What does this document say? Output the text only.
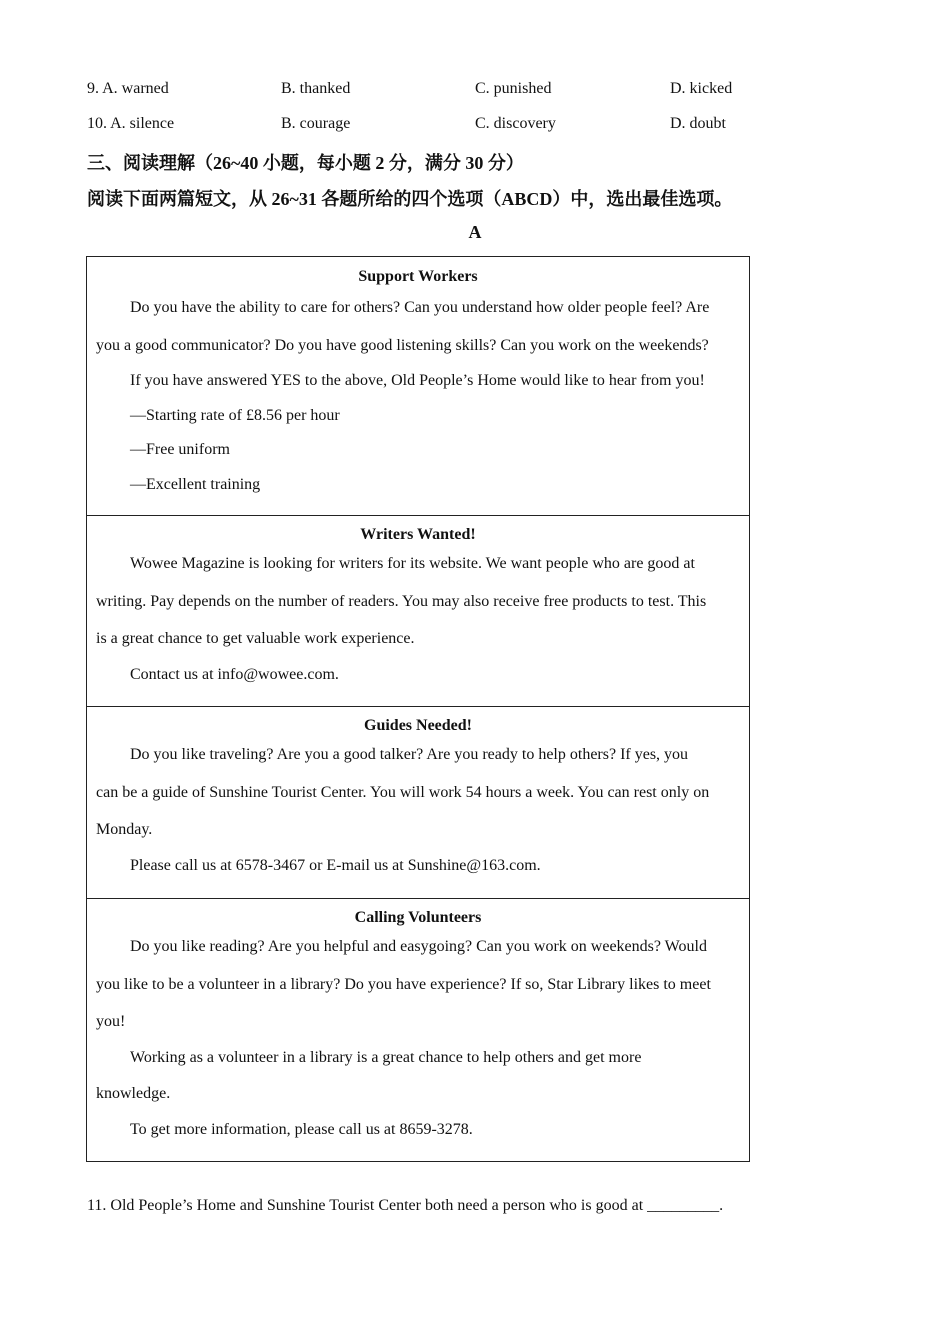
9. A. warned	B. thanked	C. punished	D. kicked
10. A. silence	B. courage	C. discovery	D. doubt
三、阅读理解（26~40 小题，每小题 2 分，满分 30 分）
阅读下面两篇短文，从 26~31 各题所给的四个选项（ABCD）中，选出最佳选项。
A
Support Workers

Do you have the ability to care for others? Can you understand how older people feel? Are

you a good communicator? Do you have good listening skills? Can you work on the weekends?

If you have answered YES to the above, Old People’s Home would like to hear from you!

—Starting rate of £8.56 per hour

—Free uniform

—Excellent training

Writers Wanted!

Wowee Magazine is looking for writers for its website. We want people who are good at

writing. Pay depends on the number of readers. You may also receive free products to test. This

is a great chance to get valuable work experience.

Contact us at info@wowee.com.

Guides Needed!

Do you like traveling? Are you a good talker? Are you ready to help others? If yes, you

can be a guide of Sunshine Tourist Center. You will work 54 hours a week. You can rest only on

Monday.

Please call us at 6578-3467 or E-mail us at Sunshine@163.com.

Calling Volunteers

Do you like reading? Are you helpful and easygoing? Can you work on weekends? Would

you like to be a volunteer in a library? Do you have experience? If so, Star Library likes to meet

you!

Working as a volunteer in a library is a great chance to help others and get more

knowledge.

To get more information, please call us at 8659-3278.

11. Old People’s Home and Sunshine Tourist Center both need a person who is good at _________.
